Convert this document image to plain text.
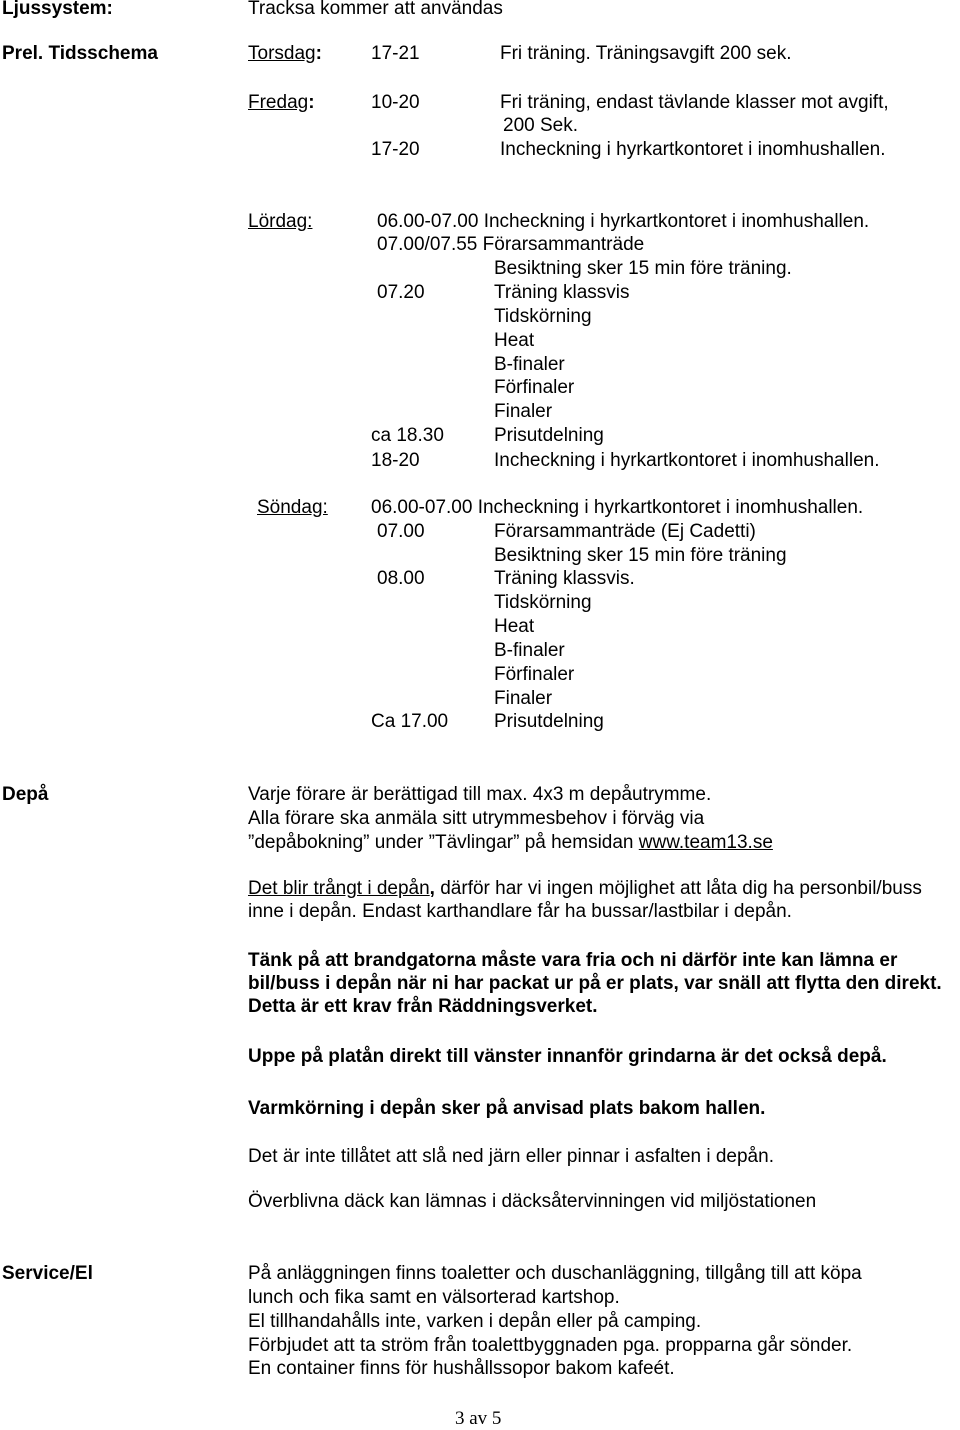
Ljussystem:	Tracksa kommer att användas
Prel. Tidsschema	Torsdag:	17-21	Fri träning. Träningsavgift 200 sek.
Fredag:	10-20	Fri träning, endast tävlande klasser mot avgift,
200 Sek.
17-20	Incheckning i hyrkartkontoret i inomhushallen.
Lördag:	06.00-07.00 Incheckning i hyrkartkontoret i inomhushallen.
07.00/07.55 Förarsammanträde
Besiktning sker 15 min före träning.
07.20	Träning klassvis
Tidskörning
Heat
B-finaler
Förfinaler
Finaler
ca 18.30	Prisutdelning
18-20	Incheckning i hyrkartkontoret i inomhushallen.
Söndag: 06.00-07.00 Incheckning i hyrkartkontoret i inomhushallen.
07.00	Förarsammanträde (Ej Cadetti)
Besiktning sker 15 min före träning
08.00	Träning klassvis.
Tidskörning
Heat
B-finaler
Förfinaler
Finaler
Ca 17.00 Prisutdelning
Depå	Varje förare är berättigad till max. 4x3 m depåutrymme.
Alla förare ska anmäla sitt utrymmesbehov i förväg via
”depåbokning” under ”Tävlingar” på hemsidan www.team13.se
Det blir trångt i depån, därför har vi ingen möjlighet att låta dig ha personbil/buss inne i depån. Endast karthandlare får ha bussar/lastbilar i depån.
Tänk på att brandgatorna måste vara fria och ni därför inte kan lämna er bil/buss i depån när ni har packat ur på er plats, var snäll att flytta den direkt. Detta är ett krav från Räddningsverket.
Uppe på platån direkt till vänster innanför grindarna är det också depå.
Varmkörning i depån sker på anvisad plats bakom hallen.
Det är inte tillåtet att slå ned järn eller pinnar i asfalten i depån.
Överblivna däck kan lämnas i däcksåtervinningen vid miljöstationen
Service/El	På anläggningen finns toaletter och duschanläggning, tillgång till att köpa
lunch och fika samt en välsorterad kartshop.
El tillhandahålls inte, varken i depån eller på camping.
Förbjudet att ta ström från toalettbyggnaden pga. propparna går sönder.
En container finns för hushållssopor bakom kafeét.
3 av 5
